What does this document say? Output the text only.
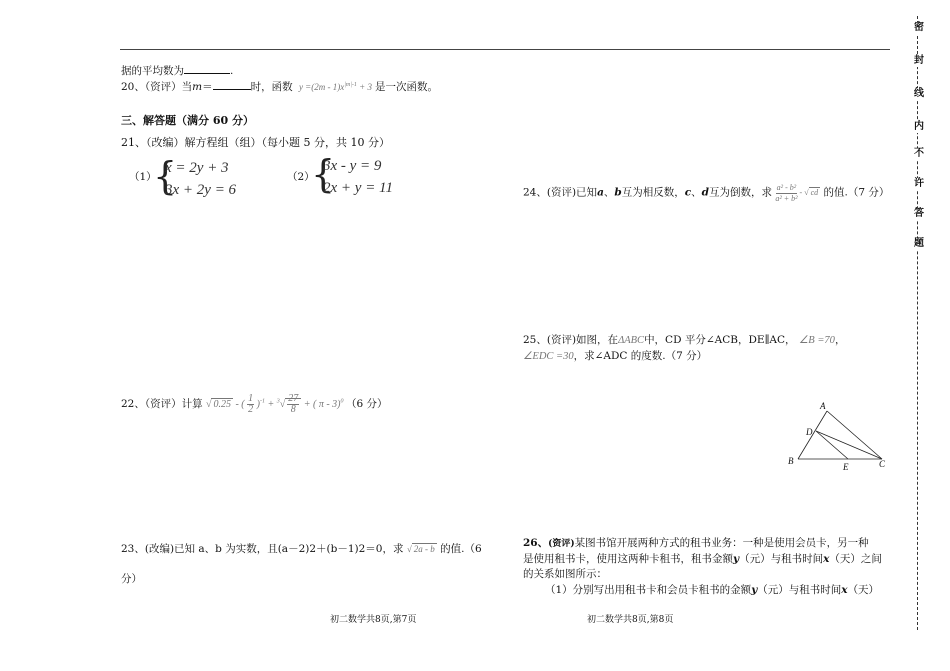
密
封
线
内
不
许
答
题
据的平均数为	.
20、（资评）当m＝	时，函数 $y =(2m - 1)x^{|m|-1} + 3$ 是一次函数。
三、解答题（满分 60 分）
21、（改编）解方程组（组）（每小题 5 分，共 10 分）
（1）
{
x = 2y + 3
3x + 2y = 6
（2）
{
3x - y = 9
2x + y = 11
22、（资评）计算 √ 0.25 - ( $\frac{1}{2} )^{-1} + ^3√ \frac{27}{8}$ + ( π - 3)$^0$ （6 分）
23、(改编)已知 a、b 为实数，且(a－2)2＋(b－1)2＝0，求 √ 2a - b 的值.（6
分）
初二数学共8页,第7页
24、(资评)已知a、b互为相反数，c、d互为倒数，求 $\frac{\text{a² - b²}}{\text{a² + b²}}$ - √ cd 的值.（7 分）
25、(资评)如图，在ΔABC中，CD 平分∠ACB，DE∥AC， ∠B =70，
∠EDC =30，求∠ADC 的度数.（7 分）
A
D
B
E	C
26、(资评)某图书馆开展两种方式的租书业务：一种是使用会员卡，另一种
是使用租书卡，使用这两种卡租书，租书金额y（元）与租书时间x（天）之间
的关系如图所示：
（1）分别写出用租书卡和会员卡租书的金额y（元）与租书时间x（天）
初二数学共8页,第8页
